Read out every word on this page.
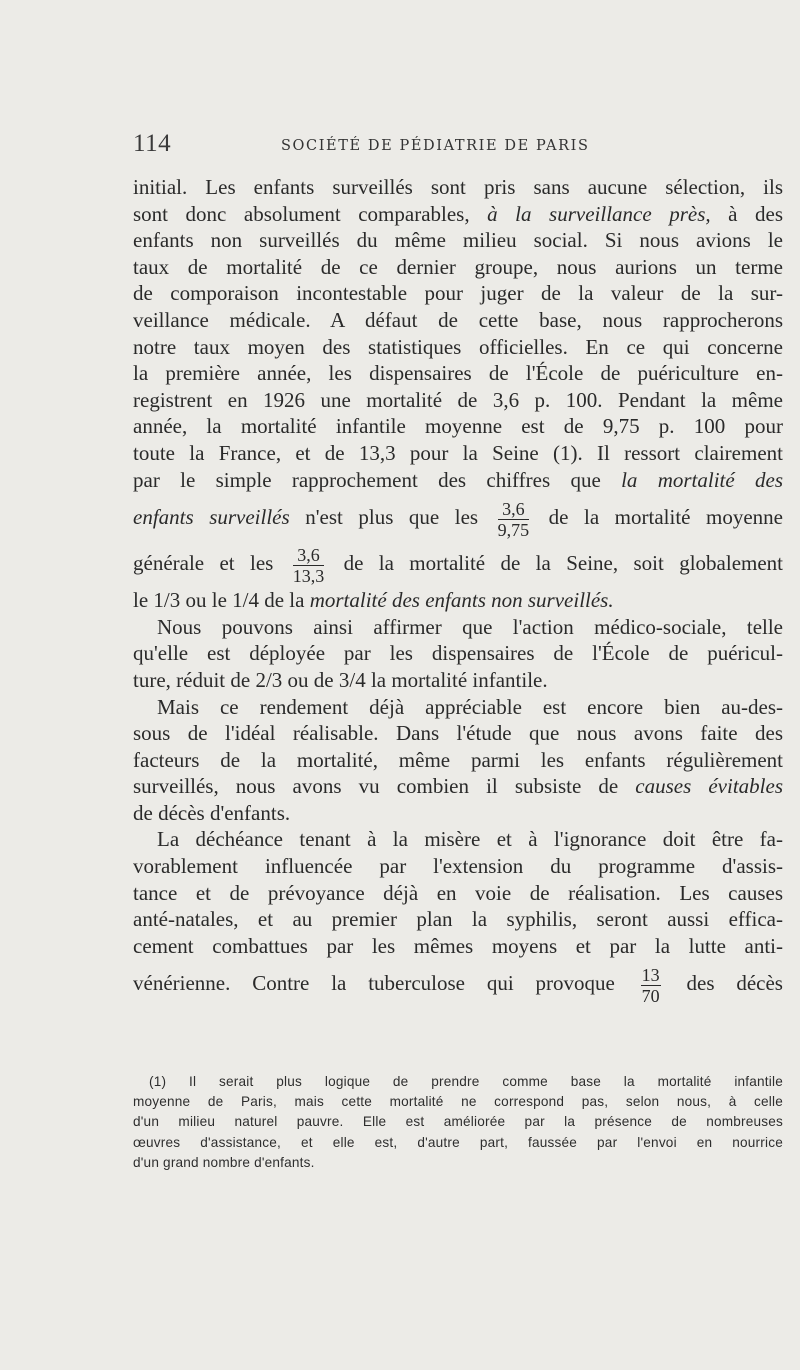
114	SOCIÉTÉ DE PÉDIATRIE DE PARIS
initial. Les enfants surveillés sont pris sans aucune sélection, ils
sont donc absolument comparables, à la surveillance près, à des
enfants non surveillés du même milieu social. Si nous avions le
taux de mortalité de ce dernier groupe, nous aurions un terme
de comporaison incontestable pour juger de la valeur de la sur-
veillance médicale. A défaut de cette base, nous rapprocherons
notre taux moyen des statistiques officielles. En ce qui concerne
la première année, les dispensaires de l'École de puériculture en-
registrent en 1926 une mortalité de 3,6 p. 100. Pendant la même
année, la mortalité infantile moyenne est de 9,75 p. 100 pour
toute la France, et de 13,3 pour la Seine (1). Il ressort clairement
par le simple rapprochement des chiffres que la mortalité des
enfants surveillés n'est plus que les $\frac{3,6}{9,75}$ de la mortalité moyenne
générale et les $\frac{3,6}{13,3}$ de la mortalité de la Seine, soit globalement
le 1/3 ou le 1/4 de la mortalité des enfants non surveillés.
Nous pouvons ainsi affirmer que l'action médico-sociale, telle
qu'elle est déployée par les dispensaires de l'École de puéricul-
ture, réduit de 2/3 ou de 3/4 la mortalité infantile.
Mais ce rendement déjà appréciable est encore bien au-des-
sous de l'idéal réalisable. Dans l'étude que nous avons faite des
facteurs de la mortalité, même parmi les enfants régulièrement
surveillés, nous avons vu combien il subsiste de causes évitables
de décès d'enfants.
La déchéance tenant à la misère et à l'ignorance doit être fa-
vorablement influencée par l'extension du programme d'assis-
tance et de prévoyance déjà en voie de réalisation. Les causes
anté-natales, et au premier plan la syphilis, seront aussi effica-
cement combattues par les mêmes moyens et par la lutte anti-
vénérienne. Contre la tuberculose qui provoque $\frac{13}{70}$ des décès
(1) Il serait plus logique de prendre comme base la mortalité infantile
moyenne de Paris, mais cette mortalité ne correspond pas, selon nous, à celle
d'un milieu naturel pauvre. Elle est améliorée par la présence de nombreuses
œuvres d'assistance, et elle est, d'autre part, faussée par l'envoi en nourrice
d'un grand nombre d'enfants.
